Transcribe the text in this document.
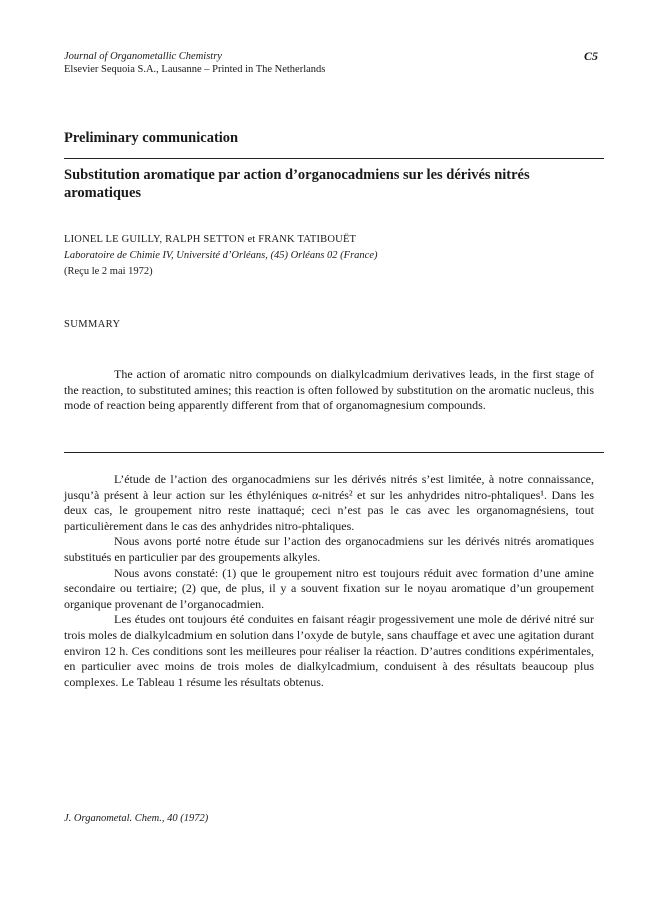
Journal of Organometallic Chemistry
Elsevier Sequoia S.A., Lausanne – Printed in The Netherlands
C5
Preliminary communication
Substitution aromatique par action d’organocadmiens sur les dérivés nitrés aromatiques
LIONEL LE GUILLY, RALPH SETTON et FRANK TATIBOUËT
Laboratoire de Chimie IV, Université d’Orléans, (45) Orléans 02 (France)
(Reçu le 2 mai 1972)
SUMMARY

The action of aromatic nitro compounds on dialkylcadmium derivatives leads, in the first stage of the reaction, to substituted amines; this reaction is often followed by substitution on the aromatic nucleus, this mode of reaction being apparently different from that of organomagnesium compounds.

L’étude de l’action des organocadmiens sur les dérivés nitrés s’est limitée, à notre connaissance, jusqu’à présent à leur action sur les éthyléniques α-nitrés² et sur les anhydrides nitro-phtaliques¹. Dans les deux cas, le groupement nitro reste inattaqué; ceci n’est pas le cas avec les organomagnésiens, tout particulièrement dans le cas des anhydrides nitro-phtaliques.

Nous avons porté notre étude sur l’action des organocadmiens sur les dérivés nitrés aromatiques substitués en particulier par des groupements alkyles.

Nous avons constaté: (1) que le groupement nitro est toujours réduit avec formation d’une amine secondaire ou tertiaire; (2) que, de plus, il y a souvent fixation sur le noyau aromatique d’un groupement organique provenant de l’organocadmien.

Les études ont toujours été conduites en faisant réagir progessivement une mole de dérivé nitré sur trois moles de dialkylcadmium en solution dans l’oxyde de butyle, sans chauffage et avec une agitation durant environ 12 h. Ces conditions sont les meilleures pour réaliser la réaction. D’autres conditions expérimentales, en particulier avec moins de trois moles de dialkylcadmium, conduisent à des résultats beaucoup plus complexes. Le Tableau 1 résume les résultats obtenus.

J. Organometal. Chem., 40 (1972)
